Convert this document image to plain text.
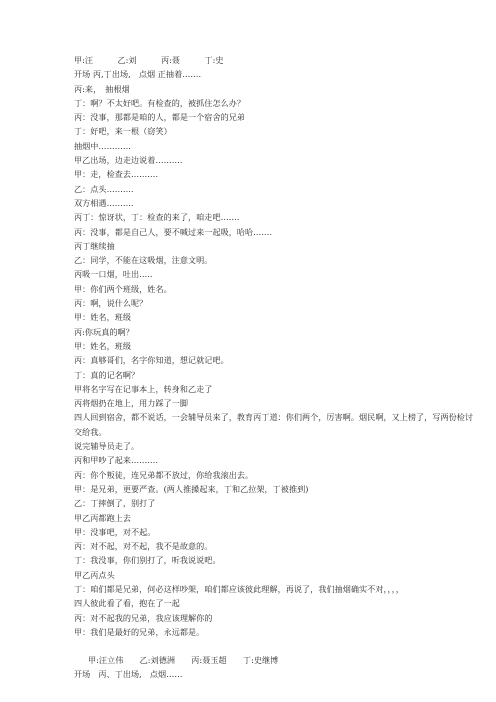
甲:汪　　　乙:刘　　　丙:聂　　　丁:史
开场 丙,丁出场,　点烟 正抽着…….
丙:来，　抽根烟
丁：啊？不太好吧。有检查的，被抓住怎么办？
丙：没事，那都是咱的人，都是一个宿舍的兄弟
丁：好吧，来一根（窃笑）
抽烟中…………
甲乙出场，边走边说着……….
甲：走，检查去……….
乙：点头……….
双方相遇……….
丙丁：惊讶状，丁：检查的来了，咱走吧…….
丙：没事，都是自己人，要不喊过来一起吸，哈哈…….
丙丁继续抽
乙：同学，不能在这吸烟，注意文明。
丙吸一口烟，吐出…..
甲：你们两个班级，姓名。
丙：啊，说什么呢？
甲：姓名，班级
丙:你玩真的啊？
甲：姓名，班级
丙：真够哥们，名字你知道，想记就记吧。
丁：真的记名啊？
甲将名字写在记事本上，转身和乙走了
丙将烟扔在地上，用力踩了一脚
四人回到宿舍，都不说话，一会辅导员来了，教育丙丁道：你们两个，厉害啊。烟民啊，又上榜了，写两份检讨交给我。
说完辅导员走了。
丙和甲吵了起来……….
丙：你个叛徒，连兄弟都不放过，你给我滚出去。
甲：是兄弟，更要严查。(两人推搡起来，丁和乙拉架，丁被推到)
乙：丁摔倒了，别打了
甲乙丙都跑上去
甲：没事吧，对不起。
丙：对不起，对不起，我不是故意的。
丁：我没事，你们别打了，听我说说吧。
甲乙丙点头
丁：咱们都是兄弟，何必这样吵架，咱们都应该彼此理解，再说了，我们抽烟确实不对，，，，
四人彼此看了看，抱在了一起
丙：对不起我的兄弟，我应该理解你的
甲：我们是最好的兄弟，永远都是。
甲:汪立伟　　乙:刘德洲　　丙:聂玉超　　丁:史继博
开场　丙、丁出场,　点烟……
